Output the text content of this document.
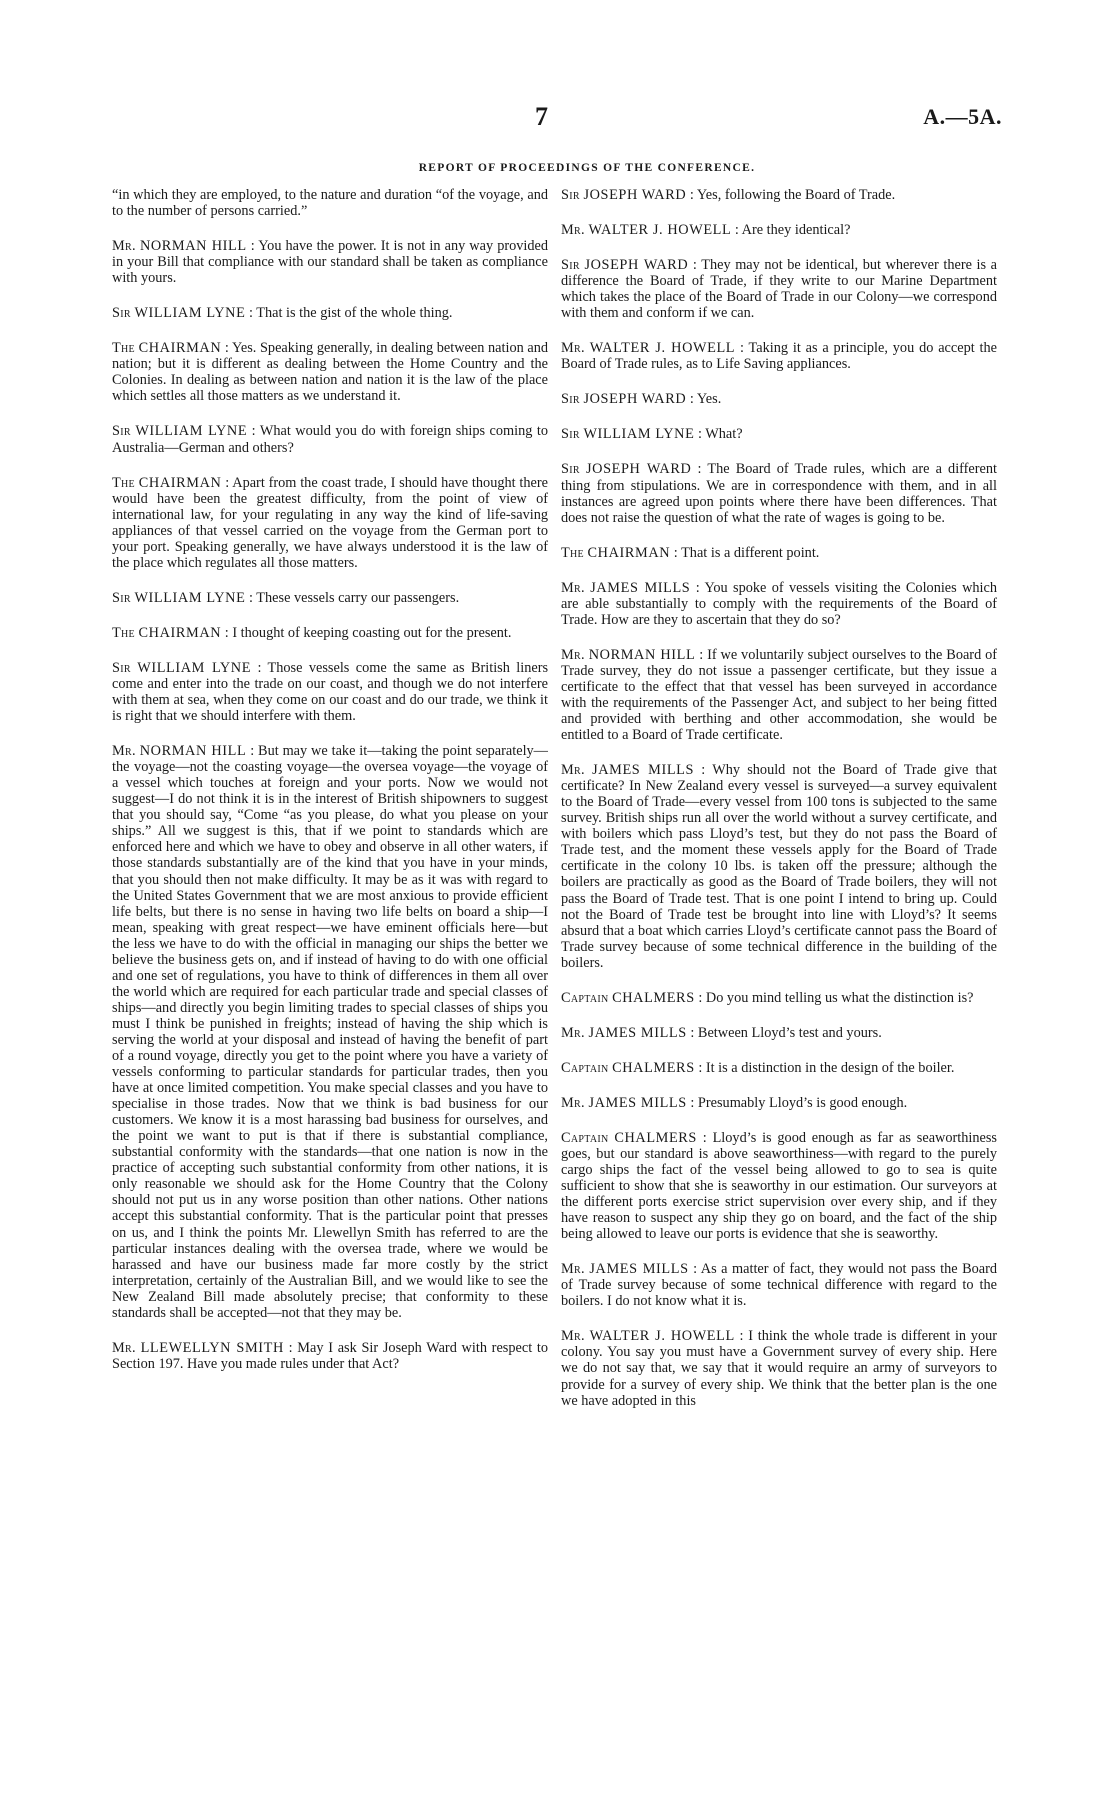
7	A.—5A.
REPORT OF PROCEEDINGS OF THE CONFERENCE.

“in which they are employed, to the nature and duration “of the voyage, and to the number of persons carried.”

Mr. NORMAN HILL : You have the power. It is not in any way provided in your Bill that compliance with our standard shall be taken as compliance with yours.

Sir WILLIAM LYNE : That is the gist of the whole thing.

The CHAIRMAN : Yes. Speaking generally, in dealing between nation and nation; but it is different as dealing between the Home Country and the Colonies. In dealing as between nation and nation it is the law of the place which settles all those matters as we understand it.

Sir WILLIAM LYNE : What would you do with foreign ships coming to Australia—German and others?

The CHAIRMAN : Apart from the coast trade, I should have thought there would have been the greatest difficulty, from the point of view of international law, for your regulating in any way the kind of life-saving appliances of that vessel carried on the voyage from the German port to your port. Speaking generally, we have always understood it is the law of the place which regulates all those matters.

Sir WILLIAM LYNE : These vessels carry our passengers.

The CHAIRMAN : I thought of keeping coasting out for the present.

Sir WILLIAM LYNE : Those vessels come the same as British liners come and enter into the trade on our coast, and though we do not interfere with them at sea, when they come on our coast and do our trade, we think it is right that we should interfere with them.

Mr. NORMAN HILL : But may we take it—taking the point separately—the voyage—not the coasting voyage—the oversea voyage—the voyage of a vessel which touches at foreign and your ports. Now we would not suggest—I do not think it is in the interest of British shipowners to suggest that you should say, “Come “as you please, do what you please on your ships.” All we suggest is this, that if we point to standards which are enforced here and which we have to obey and observe in all other waters, if those standards substantially are of the kind that you have in your minds, that you should then not make difficulty. It may be as it was with regard to the United States Government that we are most anxious to provide efficient life belts, but there is no sense in having two life belts on board a ship—I mean, speaking with great respect—we have eminent officials here—but the less we have to do with the official in managing our ships the better we believe the business gets on, and if instead of having to do with one official and one set of regulations, you have to think of differences in them all over the world which are required for each particular trade and special classes of ships—and directly you begin limiting trades to special classes of ships you must I think be punished in freights; instead of having the ship which is serving the world at your disposal and instead of having the benefit of part of a round voyage, directly you get to the point where you have a variety of vessels conforming to particular standards for particular trades, then you have at once limited competition. You make special classes and you have to specialise in those trades. Now that we think is bad business for our customers. We know it is a most harassing bad business for ourselves, and the point we want to put is that if there is substantial compliance, substantial conformity with the standards—that one nation is now in the practice of accepting such substantial conformity from other nations, it is only reasonable we should ask for the Home Country that the Colony should not put us in any worse position than other nations. Other nations accept this substantial conformity. That is the particular point that presses on us, and I think the points Mr. Llewellyn Smith has referred to are the particular instances dealing with the oversea trade, where we would be harassed and have our business made far more costly by the strict interpretation, certainly of the Australian Bill, and we would like to see the New Zealand Bill made absolutely precise; that conformity to these standards shall be accepted—not that they may be.

Mr. LLEWELLYN SMITH : May I ask Sir Joseph Ward with respect to Section 197. Have you made rules under that Act?

Sir JOSEPH WARD : Yes, following the Board of Trade.

Mr. WALTER J. HOWELL : Are they identical?

Sir JOSEPH WARD : They may not be identical, but wherever there is a difference the Board of Trade, if they write to our Marine Department which takes the place of the Board of Trade in our Colony—we correspond with them and conform if we can.

Mr. WALTER J. HOWELL : Taking it as a principle, you do accept the Board of Trade rules, as to Life Saving appliances.

Sir JOSEPH WARD : Yes.

Sir WILLIAM LYNE : What?

Sir JOSEPH WARD : The Board of Trade rules, which are a different thing from stipulations. We are in correspondence with them, and in all instances are agreed upon points where there have been differences. That does not raise the question of what the rate of wages is going to be.

The CHAIRMAN : That is a different point.

Mr. JAMES MILLS : You spoke of vessels visiting the Colonies which are able substantially to comply with the requirements of the Board of Trade. How are they to ascertain that they do so?

Mr. NORMAN HILL : If we voluntarily subject ourselves to the Board of Trade survey, they do not issue a passenger certificate, but they issue a certificate to the effect that that vessel has been surveyed in accordance with the requirements of the Passenger Act, and subject to her being fitted and provided with berthing and other accommodation, she would be entitled to a Board of Trade certificate.

Mr. JAMES MILLS : Why should not the Board of Trade give that certificate? In New Zealand every vessel is surveyed—a survey equivalent to the Board of Trade—every vessel from 100 tons is subjected to the same survey. British ships run all over the world without a survey certificate, and with boilers which pass Lloyd’s test, but they do not pass the Board of Trade test, and the moment these vessels apply for the Board of Trade certificate in the colony 10 lbs. is taken off the pressure; although the boilers are practically as good as the Board of Trade boilers, they will not pass the Board of Trade test. That is one point I intend to bring up. Could not the Board of Trade test be brought into line with Lloyd’s? It seems absurd that a boat which carries Lloyd’s certificate cannot pass the Board of Trade survey because of some technical difference in the building of the boilers.

Captain CHALMERS : Do you mind telling us what the distinction is?

Mr. JAMES MILLS : Between Lloyd’s test and yours.

Captain CHALMERS : It is a distinction in the design of the boiler.

Mr. JAMES MILLS : Presumably Lloyd’s is good enough.

Captain CHALMERS : Lloyd’s is good enough as far as seaworthiness goes, but our standard is above seaworthiness—with regard to the purely cargo ships the fact of the vessel being allowed to go to sea is quite sufficient to show that she is seaworthy in our estimation. Our surveyors at the different ports exercise strict supervision over every ship, and if they have reason to suspect any ship they go on board, and the fact of the ship being allowed to leave our ports is evidence that she is seaworthy.

Mr. JAMES MILLS : As a matter of fact, they would not pass the Board of Trade survey because of some technical difference with regard to the boilers. I do not know what it is.

Mr. WALTER J. HOWELL : I think the whole trade is different in your colony. You say you must have a Government survey of every ship. Here we do not say that, we say that it would require an army of surveyors to provide for a survey of every ship. We think that the better plan is the one we have adopted in this
